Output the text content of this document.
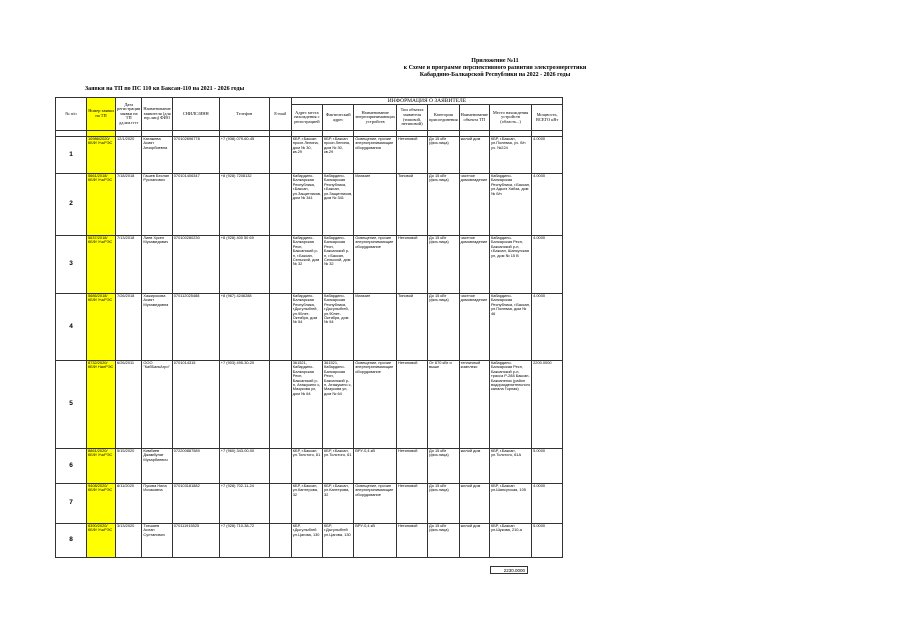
Приложение №11
к Схеме и программе перспективного развития электроэнергетики
Кабардино-Балкарской Республики на 2022 - 2026 годы
Заявки на ТП по ПС 110 кв Баксан-110 на 2021 - 2026 годы
№ п/п	Номер заявки на ТП	Дата регистрации заявки на ТП дд.мм.гггг	Наименование заявителя (для юр.лиц) ФИО	СНИЛС/ИНН	Телефон	E-mail	ИНФОРМАЦИЯ О ЗАЯВИТЕЛЕ							
							Адрес места нахождения с регистрацией	Фактический адрес	Наименование энергопринимающих устройств	Тип объекта заявителя (типовой, нетиповой)	Категория присоединения	Наименование объекта ТП	Место нахождения устройств (область...)	Мощность, ВСЕГО кВт

1	10986/2020/ КБФ/ УчкРЭС	12/1/2020	Катажева Асият Анзорбиевна	070102696778	+7 (938) 079-60-45		КБР, г.Баксан просп.Ленина, дом № 30, кв.29	КБР, г.Баксан просп.Ленина, дом № 30, кв.29	Освещение, прочие энергопринимающие оборудования	Нетиповой	До 15 кВт (физ.лица)	жилой дом	КБР, г.Баксан, ул.Полевая, уч. б/н уч. №224	4.0000
2	5661/2018/ КБФ/ УчкРЭС	7/18/2018	Гашев Беслан Русланович	070101406347	+8 (928) 7208132		Кабардино-Балкарская Республика, г.Баксан, ул.Защитников, дом № 341	Кабардино-Балкарская Республика, г.Баксан, ул.Защитников, дом № 341	Магазин	Типовой	До 15 кВт (физ.лица)	частное домовладение	Кабардино-Балкарская Республика, г.Баксан, ул.Адыгэ Хабза, дом № б/н	4.0000
3	5637/2018/ КБФ/ УчкРЭС	7/13/2018	Лиев Хусен Мухамедович	070100280230	+8 (928) 400 50 69		Кабардино-Балкарская Респ, Баксанский р-н, г.Баксан, Сельской, дом № 32	Кабардино-Балкарская Респ, Баксанский р-н, г.Баксан, Сельской, дом № 32	Освещение, прочие энергопринимающие оборудование	Нетиповой	До 15 кВт (физ.лица)	частное домовладение	Кабардино-Балкарская Респ, Баксанский р-н, г.Баксан, Шапсугская ул, дом № 15 В	4.0000
4	5686/2018/ КБФ/ УчкРЭС	7/26/2018	Хажирокова Асият Мухамедовна	070112025488	+8 (967) 4246288		Кабардино-Балкарская Республика, г.Дыгулыбгей, ул.90лет-Октября, дом № 54	Кабардино-Балкарская Республика, г.Дыгулыбгей, ул.90лет-Октября, дом № 54	Магазин	Типовой	До 15 кВт (физ.лица)	частное домовладение	Кабардино-Балкарская Республика, г.Баксан, ул.Полевая, дом № 46	4.0000
5	8732/2020/ КБФ/ НалРЭС	6/26/2011	ООО "КабБалкАгро"	0701014315	+7 (903) 495-30-20		361521, Кабардино-Балкарская Респ, Баксанский р-н, Атажукино с, Мазукова ул, дом № 64	361521, Кабардино-Балкарская Респ, Баксанский р-н, Атажукино с, Мазукова ул, дом № 64	Освещение, прочие энергопринимающие оборудование	Нетиповой	От 670 кВт и выше	тепличный комплекс	Кабардино-Балкарская Респ, Баксанский р-н, трасса Р-288 Баксан-Баксаненок (район водоразделительного канала Горная)	2200.0000
6	8861/2020/ КБФ/ УчкРЭС	5/15/2020	Кимбиев Джамбулат Мухарбиевич	072200887589	+7 (960) 343-00-00		КБР, г.Баксан, ул.Толстого, 61	КБР, г.Баксан, ул.Толстого, 61	ВРУ-0,4 кВ	Нетиповой	До 15 кВт (физ.лица)	жилой дом	КБР, г.Баксан, ул.Толстого, 61А	5.0000
7	9408/2020/ КБФ/ УчкРЭС	8/11/2020	Пукова Нина Исхаковна	070103181882	+7 (928) 702-11-24		КБР, г.Баксан, ул.Кантерова, 32	КБР, г.Баксан, ул.Кантерова, 32	Освещение, прочие энергопринимающие оборудование	Нетиповой	До 15 кВт (физ.лица)	жилой дом	КБР, г.Баксан ул.Шапсугская, 105	4.0000
8	8390/2020/ КБФ/ УчкРЭС	3/13/2020	Тхешаев Аслан Султанович	070111915525	+7 (928) 710-38-72		КБР, г.Дыгулыбгей ул.Цагова, 130	КБР, г.Дыгулыбгей ул.Цагова, 130	ВРУ-0,4 кВ	Нетиповой	До 15 кВт (физ.лица)	жилой дом	КБР, г.Баксан ул.Шукова, 210-а	5.0000
2230.0000
